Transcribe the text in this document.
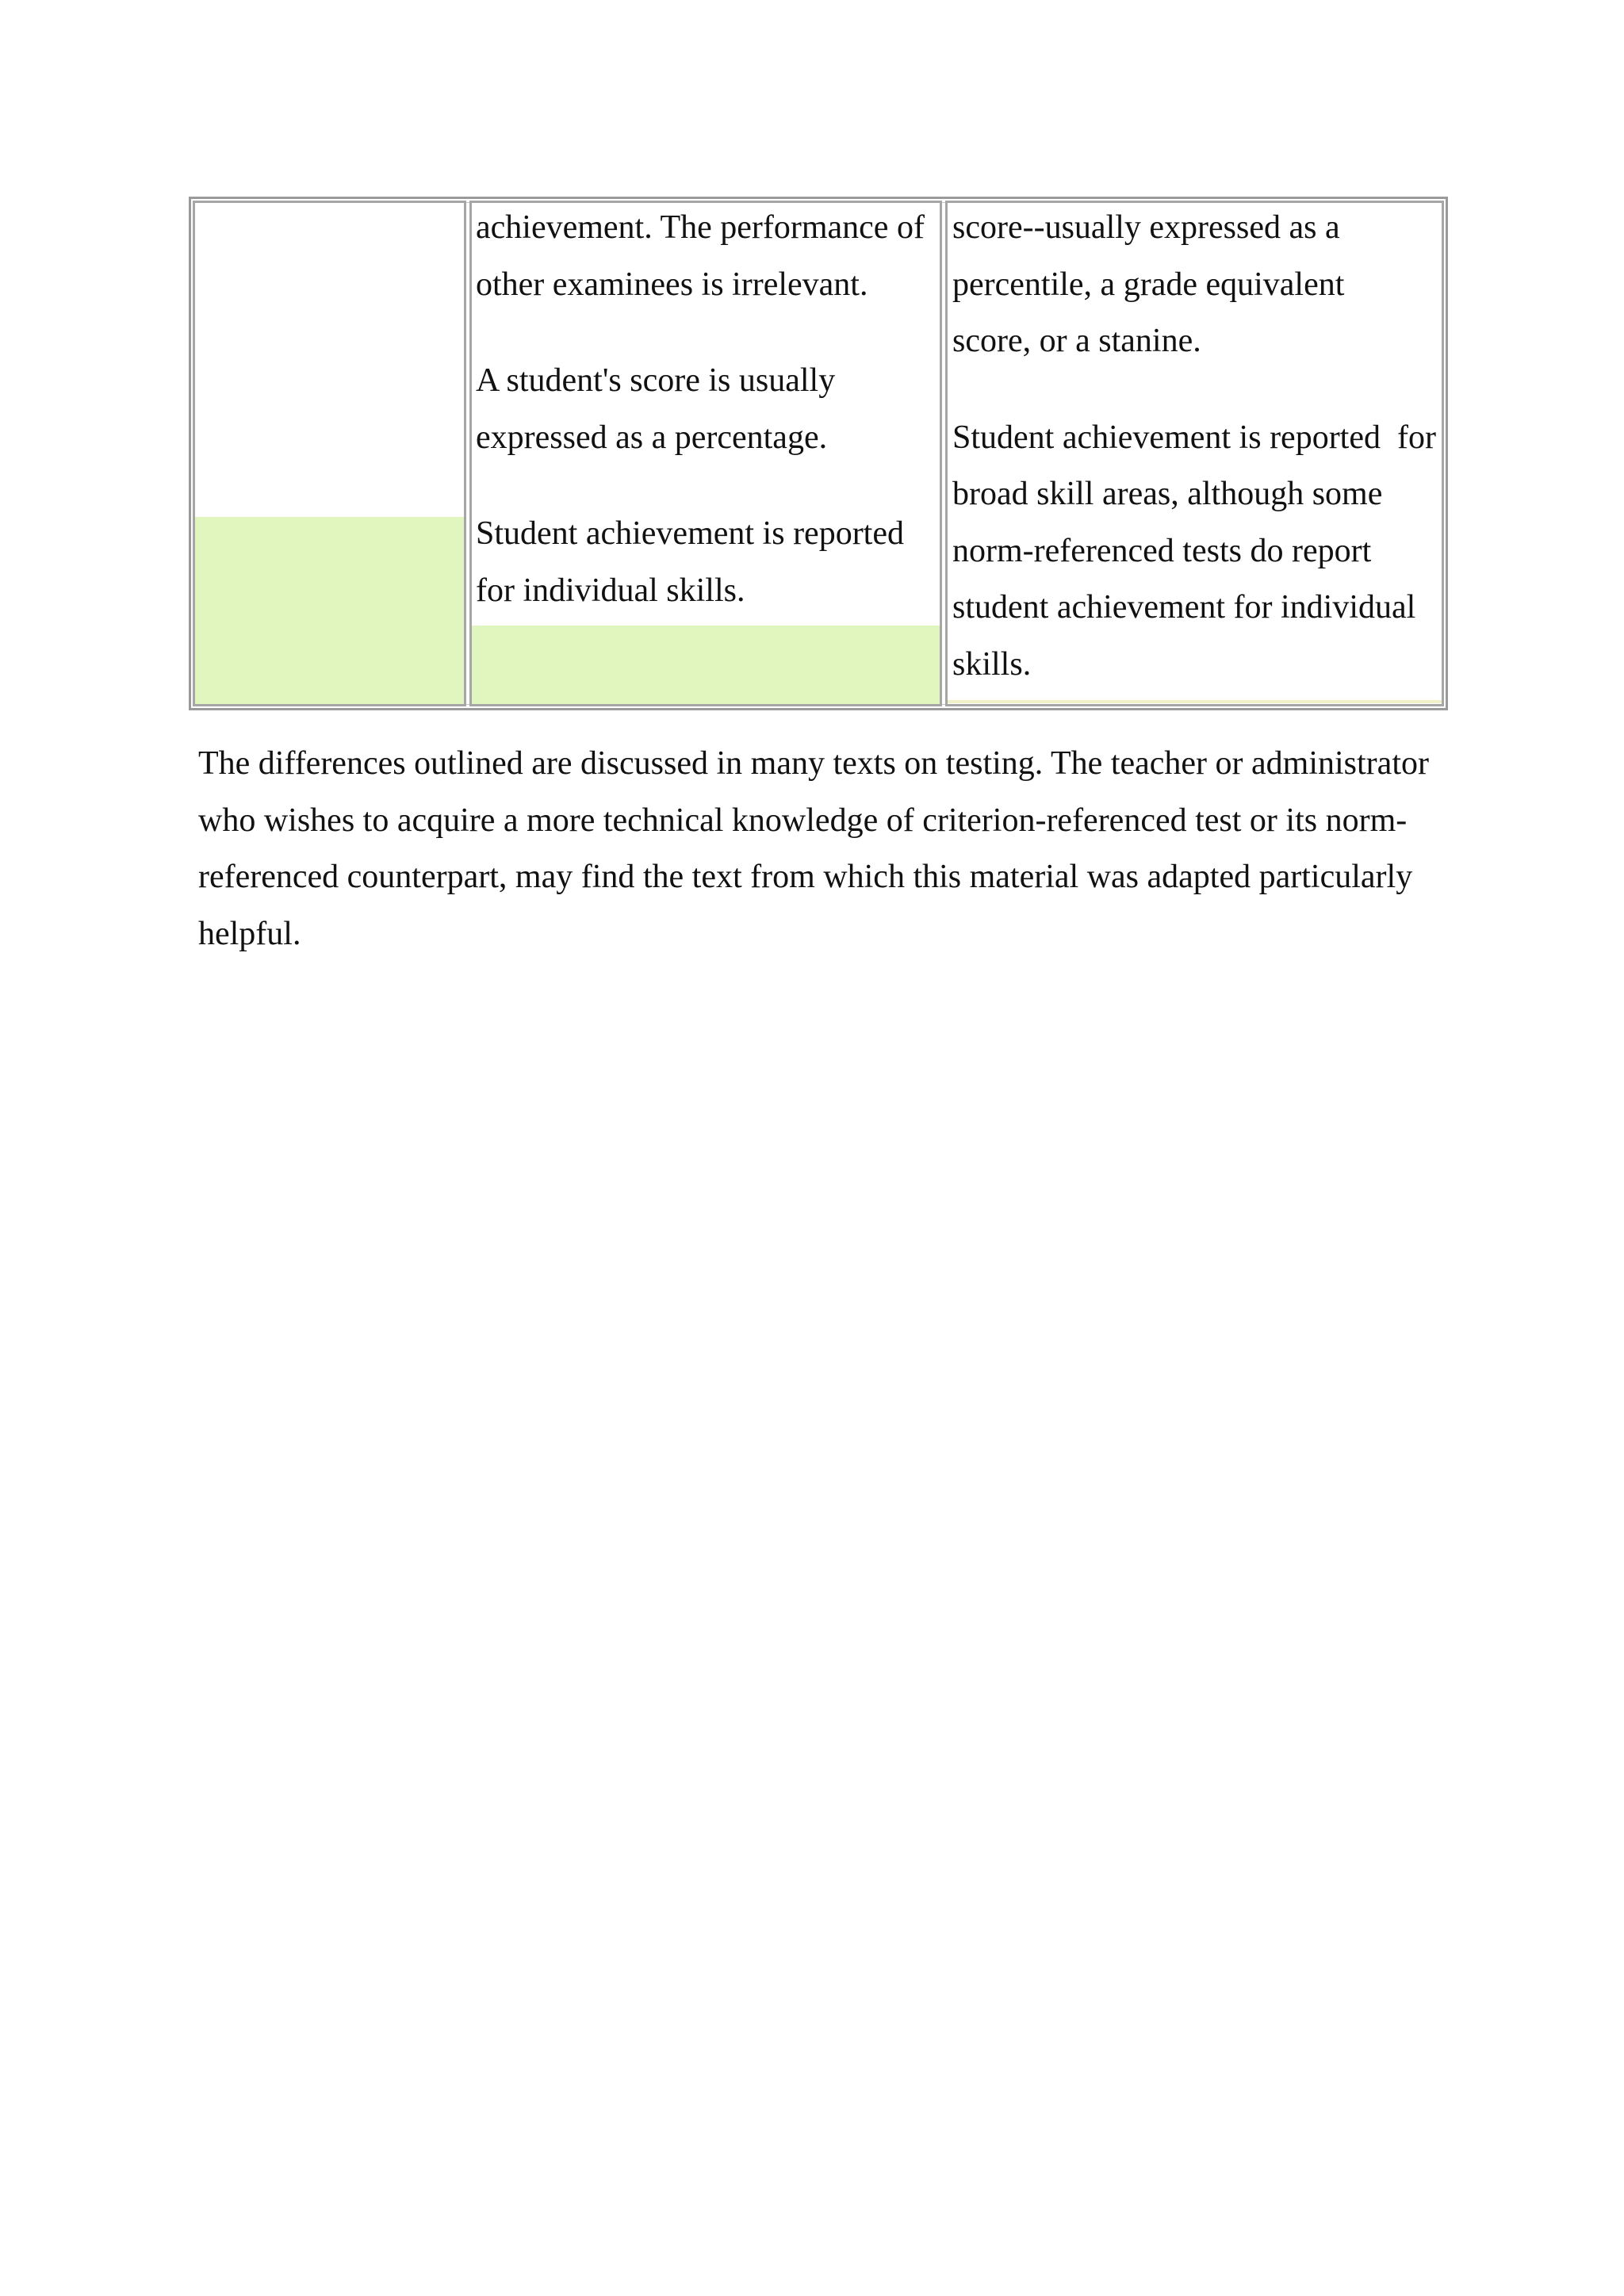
achievement. The performance of
other examinees is irrelevant.

A student's score is usually
expressed as a percentage.

Student achievement is reported
for individual skills.

score--usually expressed as a
percentile, a grade equivalent
score, or a stanine.

Student achievement is reported  for
broad skill areas, although some
norm-referenced tests do report
student achievement for individual
skills.

The differences outlined are discussed in many texts on testing. The teacher or administrator
who wishes to acquire a more technical knowledge of criterion-referenced test or its norm-
referenced counterpart, may find the text from which this material was adapted particularly
helpful.
